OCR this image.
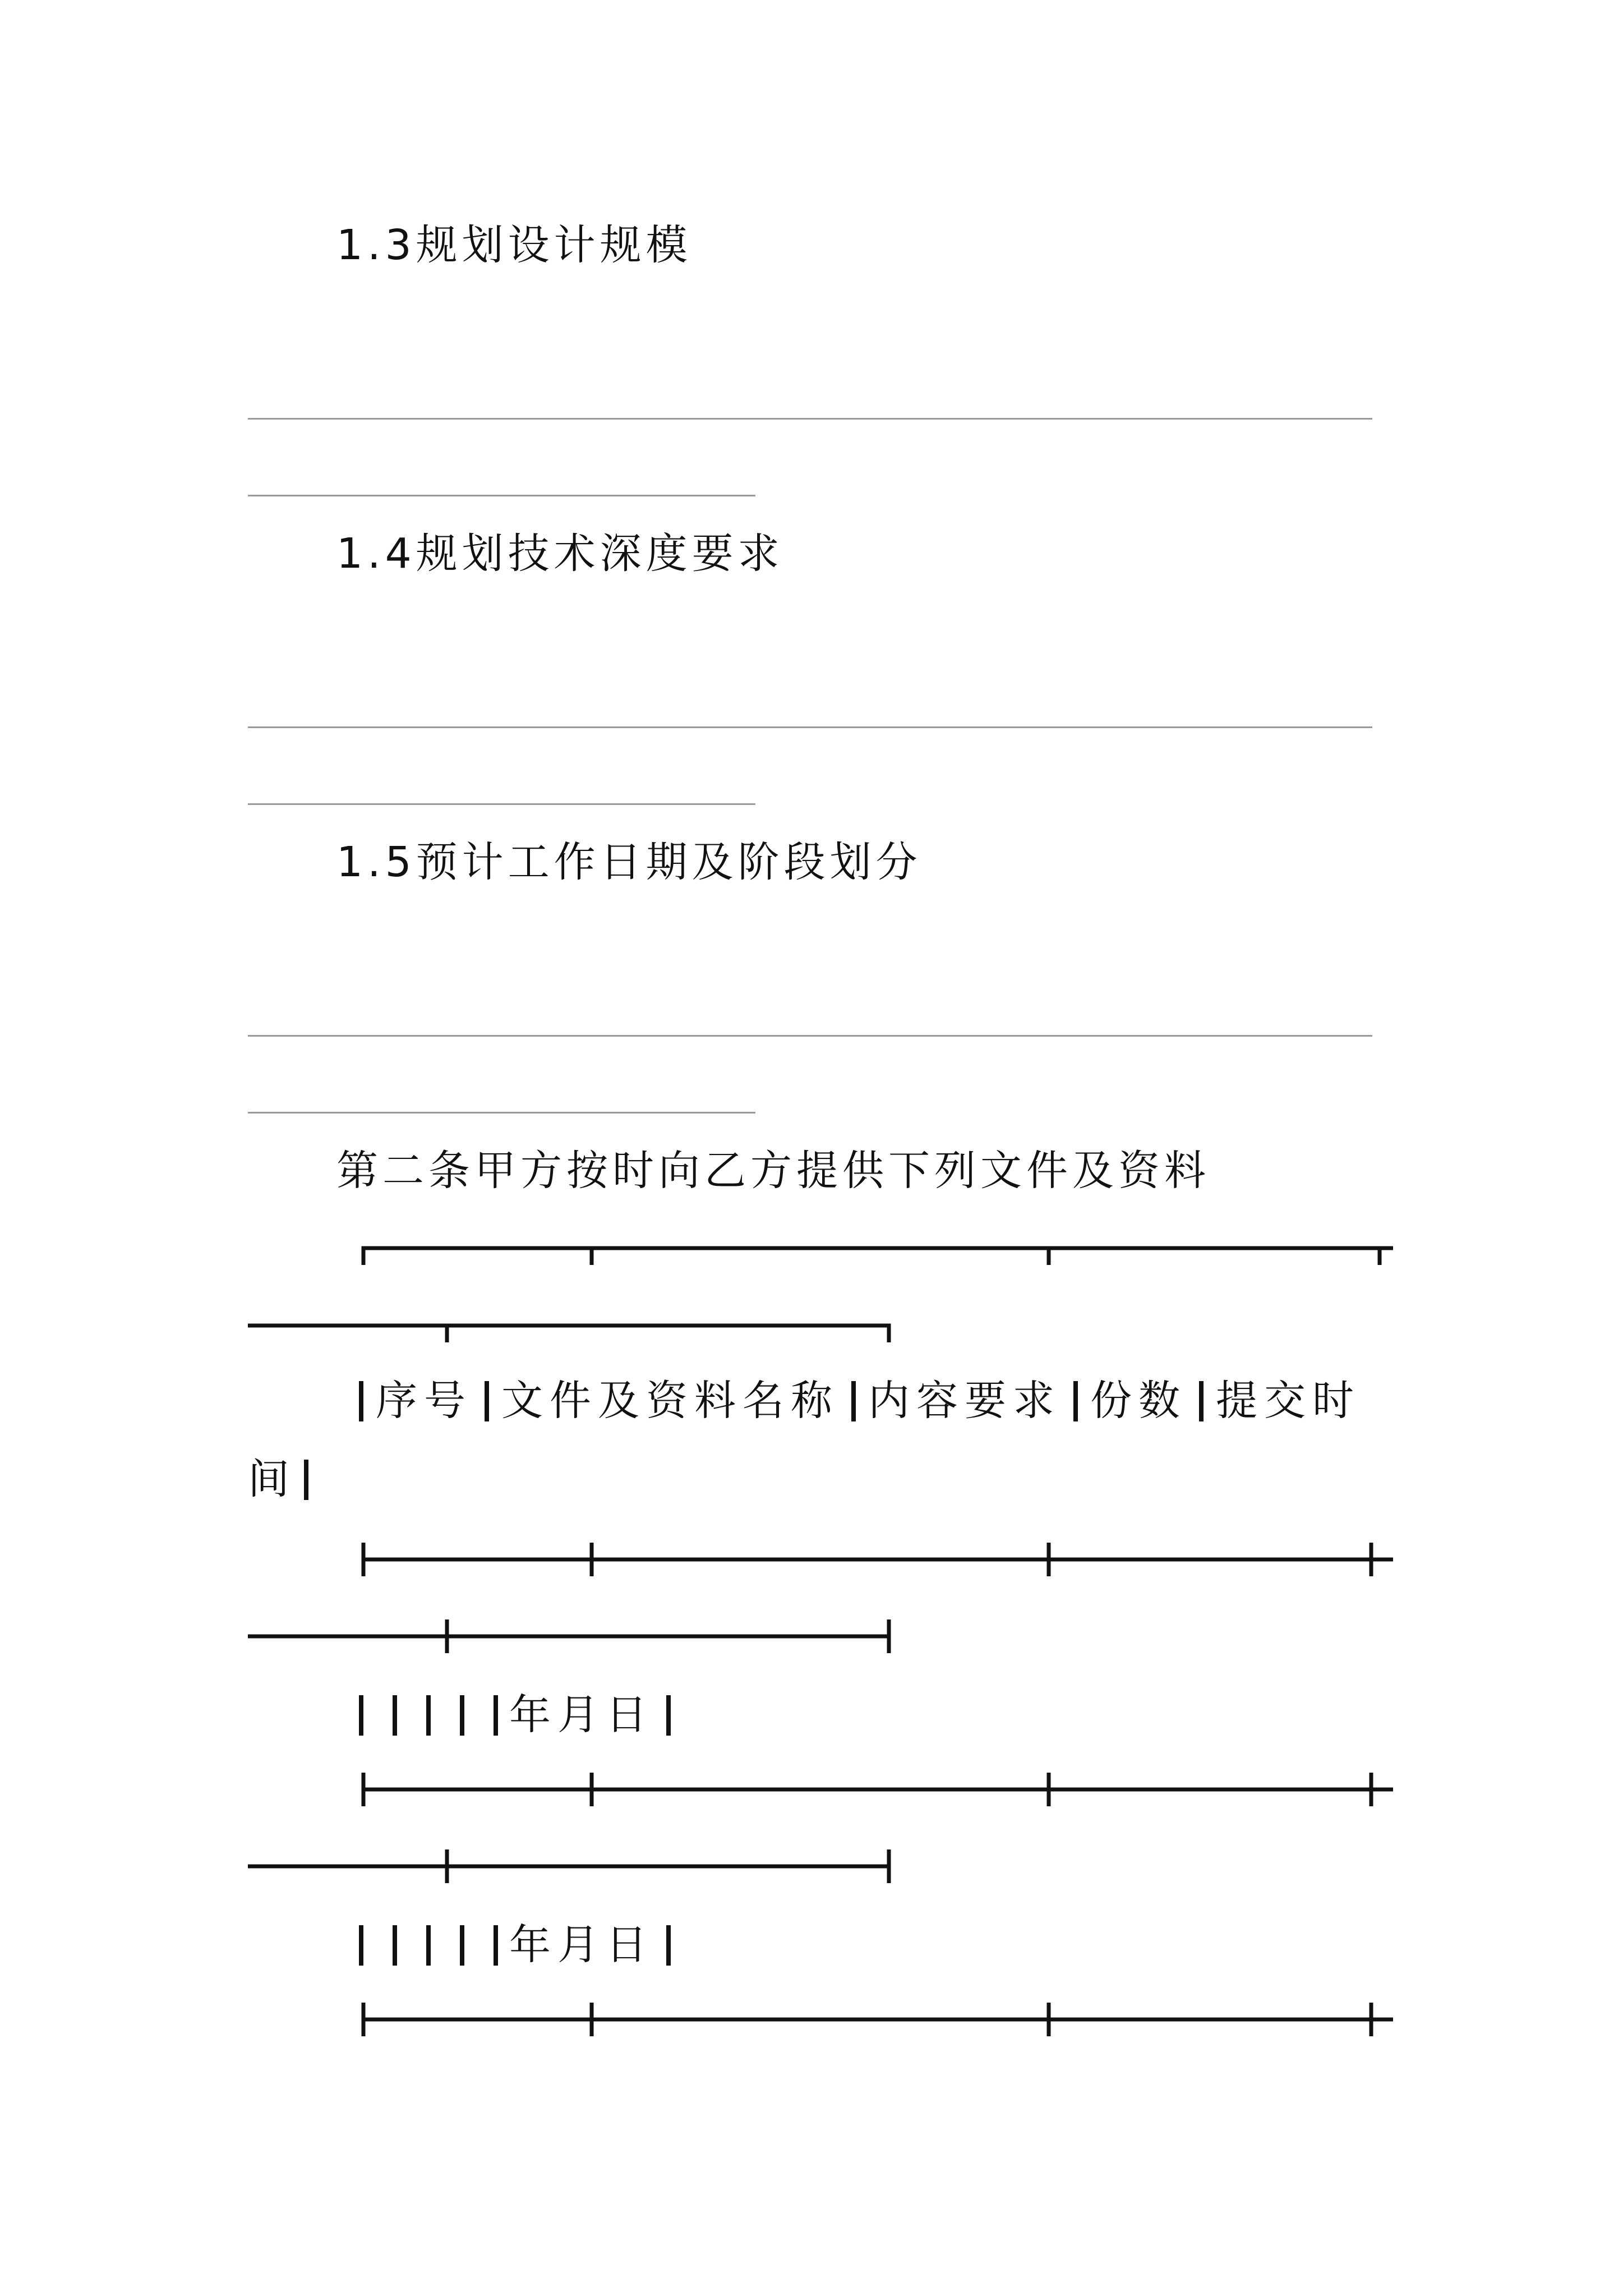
1.3规划设计规模
1.4规划技术深度要求
1.5预计工作日期及阶段划分
第二条甲方按时向乙方提供下列文件及资料
序号 文件及资料名称 内容要求 份数 提交时
间
年月日
年月日
